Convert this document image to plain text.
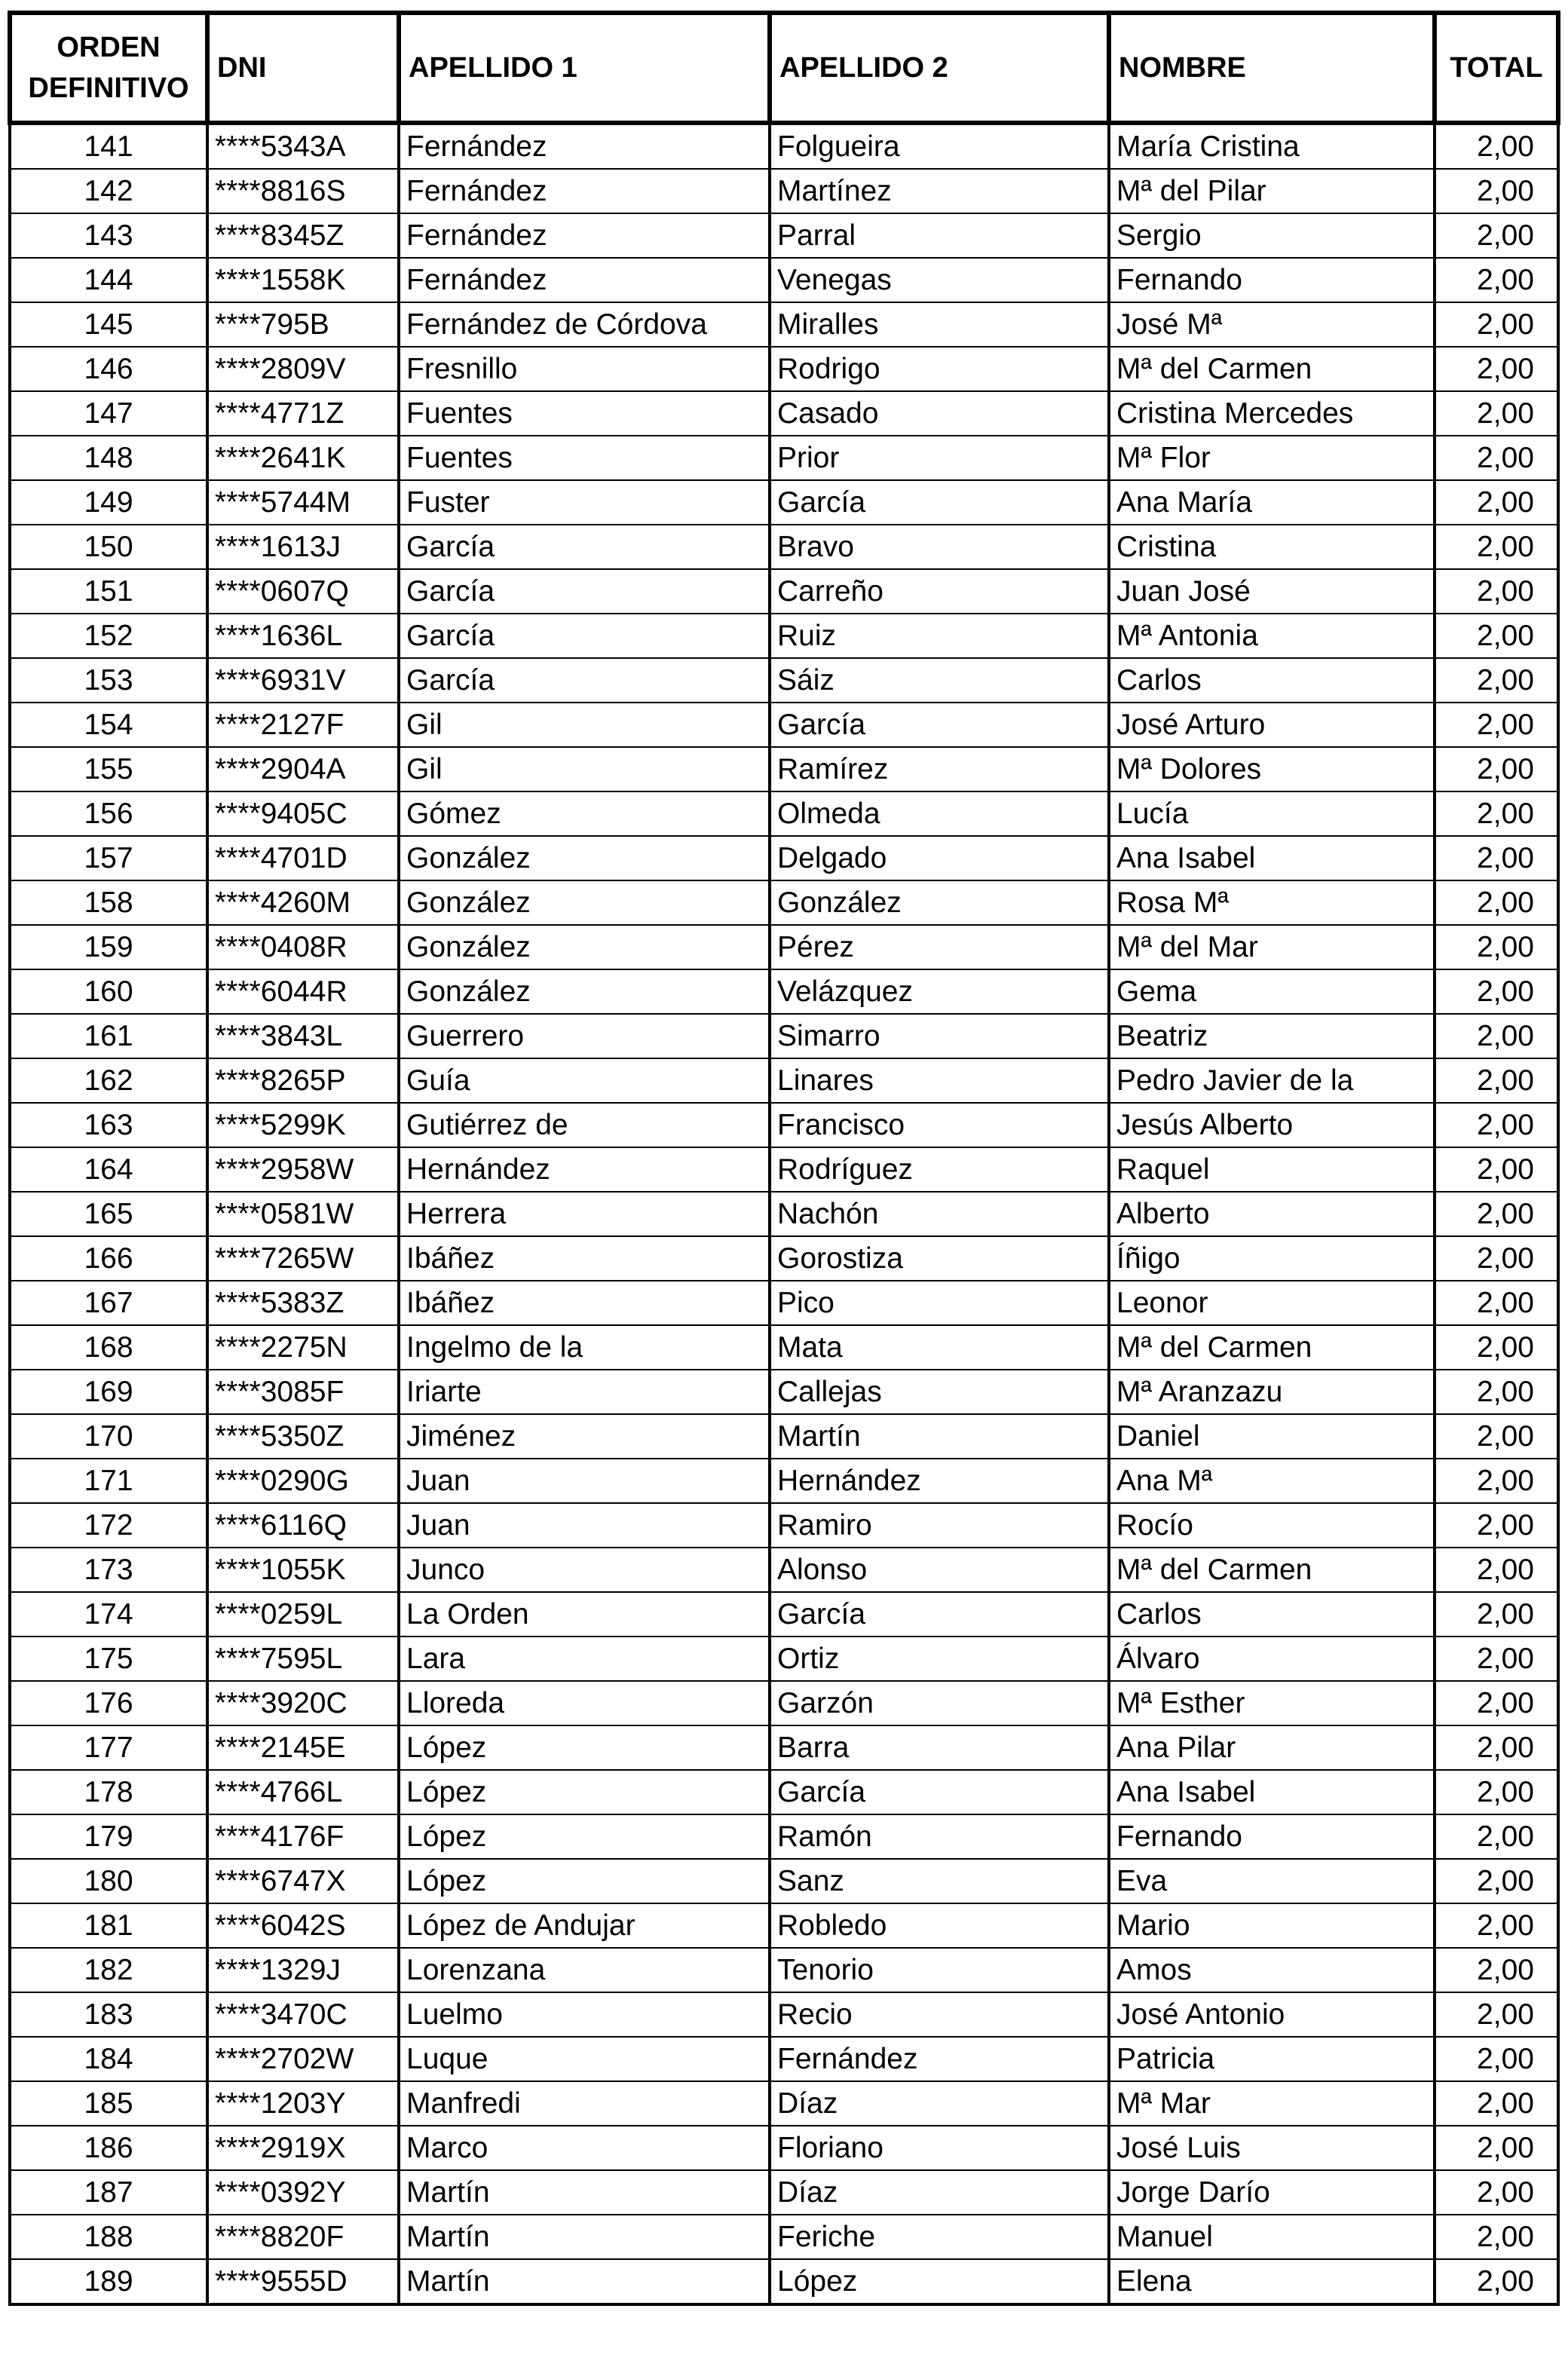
ORDEN DEFINITIVO	DNI	APELLIDO 1	APELLIDO 2	NOMBRE	TOTAL
141	****5343A	Fernández	Folgueira	María Cristina	2,00
142	****8816S	Fernández	Martínez	Mª del Pilar	2,00
143	****8345Z	Fernández	Parral	Sergio	2,00
144	****1558K	Fernández	Venegas	Fernando	2,00
145	****795B	Fernández de Córdova	Miralles	José Mª	2,00
146	****2809V	Fresnillo	Rodrigo	Mª del Carmen	2,00
147	****4771Z	Fuentes	Casado	Cristina Mercedes	2,00
148	****2641K	Fuentes	Prior	Mª Flor	2,00
149	****5744M	Fuster	García	Ana María	2,00
150	****1613J	García	Bravo	Cristina	2,00
151	****0607Q	García	Carreño	Juan José	2,00
152	****1636L	García	Ruiz	Mª Antonia	2,00
153	****6931V	García	Sáiz	Carlos	2,00
154	****2127F	Gil	García	José Arturo	2,00
155	****2904A	Gil	Ramírez	Mª Dolores	2,00
156	****9405C	Gómez	Olmeda	Lucía	2,00
157	****4701D	González	Delgado	Ana Isabel	2,00
158	****4260M	González	González	Rosa Mª	2,00
159	****0408R	González	Pérez	Mª del Mar	2,00
160	****6044R	González	Velázquez	Gema	2,00
161	****3843L	Guerrero	Simarro	Beatriz	2,00
162	****8265P	Guía	Linares	Pedro Javier de la	2,00
163	****5299K	Gutiérrez de	Francisco	Jesús Alberto	2,00
164	****2958W	Hernández	Rodríguez	Raquel	2,00
165	****0581W	Herrera	Nachón	Alberto	2,00
166	****7265W	Ibáñez	Gorostiza	Íñigo	2,00
167	****5383Z	Ibáñez	Pico	Leonor	2,00
168	****2275N	Ingelmo de la	Mata	Mª del Carmen	2,00
169	****3085F	Iriarte	Callejas	Mª Aranzazu	2,00
170	****5350Z	Jiménez	Martín	Daniel	2,00
171	****0290G	Juan	Hernández	Ana Mª	2,00
172	****6116Q	Juan	Ramiro	Rocío	2,00
173	****1055K	Junco	Alonso	Mª del Carmen	2,00
174	****0259L	La Orden	García	Carlos	2,00
175	****7595L	Lara	Ortiz	Álvaro	2,00
176	****3920C	Lloreda	Garzón	Mª Esther	2,00
177	****2145E	López	Barra	Ana Pilar	2,00
178	****4766L	López	García	Ana Isabel	2,00
179	****4176F	López	Ramón	Fernando	2,00
180	****6747X	López	Sanz	Eva	2,00
181	****6042S	López de Andujar	Robledo	Mario	2,00
182	****1329J	Lorenzana	Tenorio	Amos	2,00
183	****3470C	Luelmo	Recio	José Antonio	2,00
184	****2702W	Luque	Fernández	Patricia	2,00
185	****1203Y	Manfredi	Díaz	Mª Mar	2,00
186	****2919X	Marco	Floriano	José Luis	2,00
187	****0392Y	Martín	Díaz	Jorge Darío	2,00
188	****8820F	Martín	Feriche	Manuel	2,00
189	****9555D	Martín	López	Elena	2,00
